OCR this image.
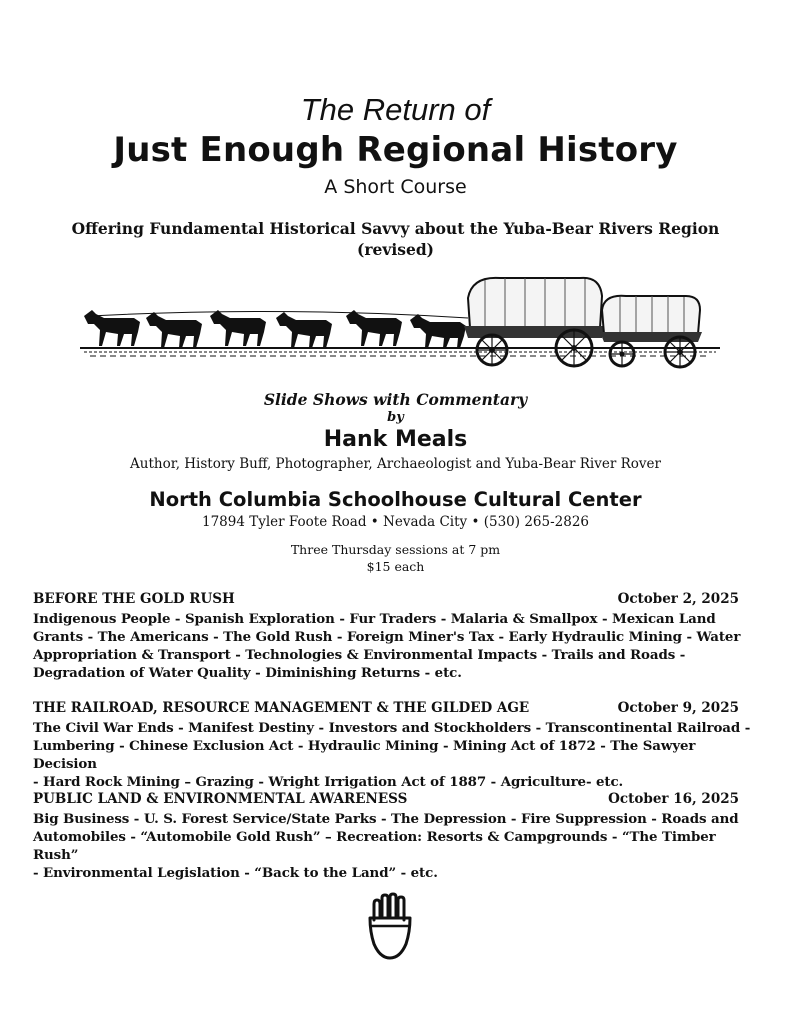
The Return of
Just Enough Regional History
A Short Course
Offering Fundamental Historical Savvy about the Yuba-Bear Rivers Region
(revised)
Slide Shows with Commentary
by
Hank Meals
Author, History Buff, Photographer, Archaeologist and Yuba-Bear River Rover
North Columbia Schoolhouse Cultural Center
17894 Tyler Foote Road • Nevada City • (530) 265-2826
Three Thursday sessions at 7 pm
$15 each
BEFORE THE GOLD RUSH	October 2, 2025
Indigenous People - Spanish Exploration - Fur Traders - Malaria & Smallpox - Mexican Land
Grants - The Americans - The Gold Rush - Foreign Miner's Tax - Early Hydraulic Mining - Water
Appropriation & Transport - Technologies & Environmental Impacts - Trails and Roads -
Degradation of Water Quality - Diminishing Returns - etc.
THE RAILROAD, RESOURCE MANAGEMENT & THE GILDED AGE	October 9, 2025
The Civil War Ends - Manifest Destiny - Investors and Stockholders - Transcontinental Railroad -
Lumbering - Chinese Exclusion Act - Hydraulic Mining - Mining Act of 1872 - The Sawyer Decision
- Hard Rock Mining – Grazing - Wright Irrigation Act of 1887 - Agriculture- etc.
PUBLIC LAND & ENVIRONMENTAL AWARENESS	October 16, 2025
Big Business - U. S. Forest Service/State Parks - The Depression - Fire Suppression - Roads and
Automobiles - “Automobile Gold Rush” – Recreation: Resorts & Campgrounds - “The Timber Rush”
- Environmental Legislation - “Back to the Land” - etc.
